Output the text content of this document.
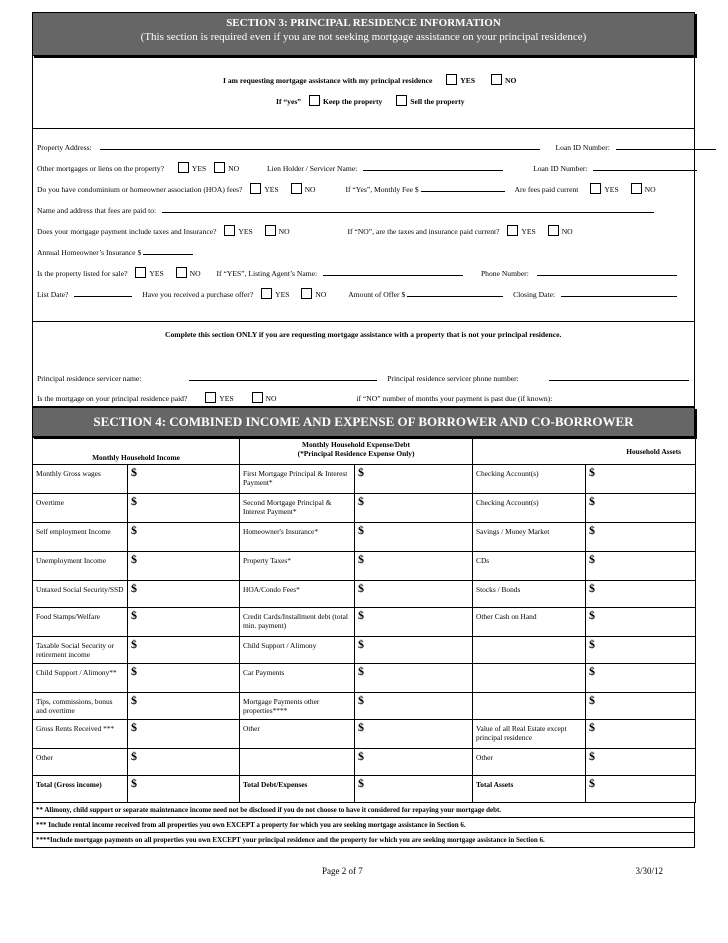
SECTION 3: PRINCIPAL RESIDENCE INFORMATION
(This section is required even if you are not seeking mortgage assistance on your principal residence)
I am requesting mortgage assistance with my principal residence	YES	NO
If “yes”	Keep the property	Sell the property
Property Address:	Loan ID Number:
Other mortgages or liens on the property?	YES	NO	Lien Holder / Servicer Name:	Loan ID Number:
Do you have condominium or homeowner association (HOA) fees?	YES	NO	If “Yes”, Monthly Fee $	Are fees paid current	YES	NO
Name and address that fees are paid to:
Does your mortgage payment include taxes and Insurance?	YES	NO	If “NO”, are the taxes and insurance paid current?	YES	NO
Annual Homeowner’s Insurance $
Is the property listed for sale?	YES	NO If “YES”, Listing Agent’s Name:	Phone Number:
List Date?	Have you received a purchase offer?	YES	NO	Amount of Offer $	Closing Date:
Complete this section ONLY if you are requesting mortgage assistance with a property that is not your principal residence.
Principal residence servicer name:	Principal residence servicer phone number:
Is the mortgage on your principal residence paid?	YES	NO	if “NO” number of months your payment is past due (if known):
SECTION 4: COMBINED INCOME AND EXPENSE OF BORROWER AND CO-BORROWER
Monthly Household Income		Monthly Household Expense/Debt
(*Principal Residence Expense Only)		Household Assets	
Monthly Gross wages	$	First Mortgage Principal & Interest Payment*	$	Checking Account(s)	$
Overtime	$	Second Mortgage Principal & Interest Payment*	$	Checking Account(s)	$
Self employment Income	$	Homeowner's Insurance*	$	Savings / Money Market	$
Unemployment Income	$	Property Taxes*	$	CDs	$
Untaxed Social Security/SSD	$	HOA/Condo Fees*	$	Stocks / Bonds	$
Food Stamps/Welfare	$	Credit Cards/Installment debt (total min. payment)	$	Other Cash on Hand	$
Taxable Social Security or retirement income	$	Child Support / Alimony	$		$
Child Support / Alimony**	$	Car Payments	$		$
Tips, commissions, bonus and overtime	$	Mortgage Payments other properties****	$		$
Gross Rents Received ***	$	Other	$	Value of all Real Estate except principal residence	$
Other	$		$	Other	$
Total (Gross income)	$	Total Debt/Expenses	$	Total Assets	$
** Alimony, child support or separate maintenance income need not be disclosed if you do not choose to have it considered for repaying your mortgage debt.
*** Include rental income received from all properties you own EXCEPT a property for which you are seeking mortgage assistance in Section 6.
****Include mortgage payments on all properties you own EXCEPT your principal residence and the property for which you are seeking mortgage assistance in Section 6.
Page 2 of 7	3/30/12
